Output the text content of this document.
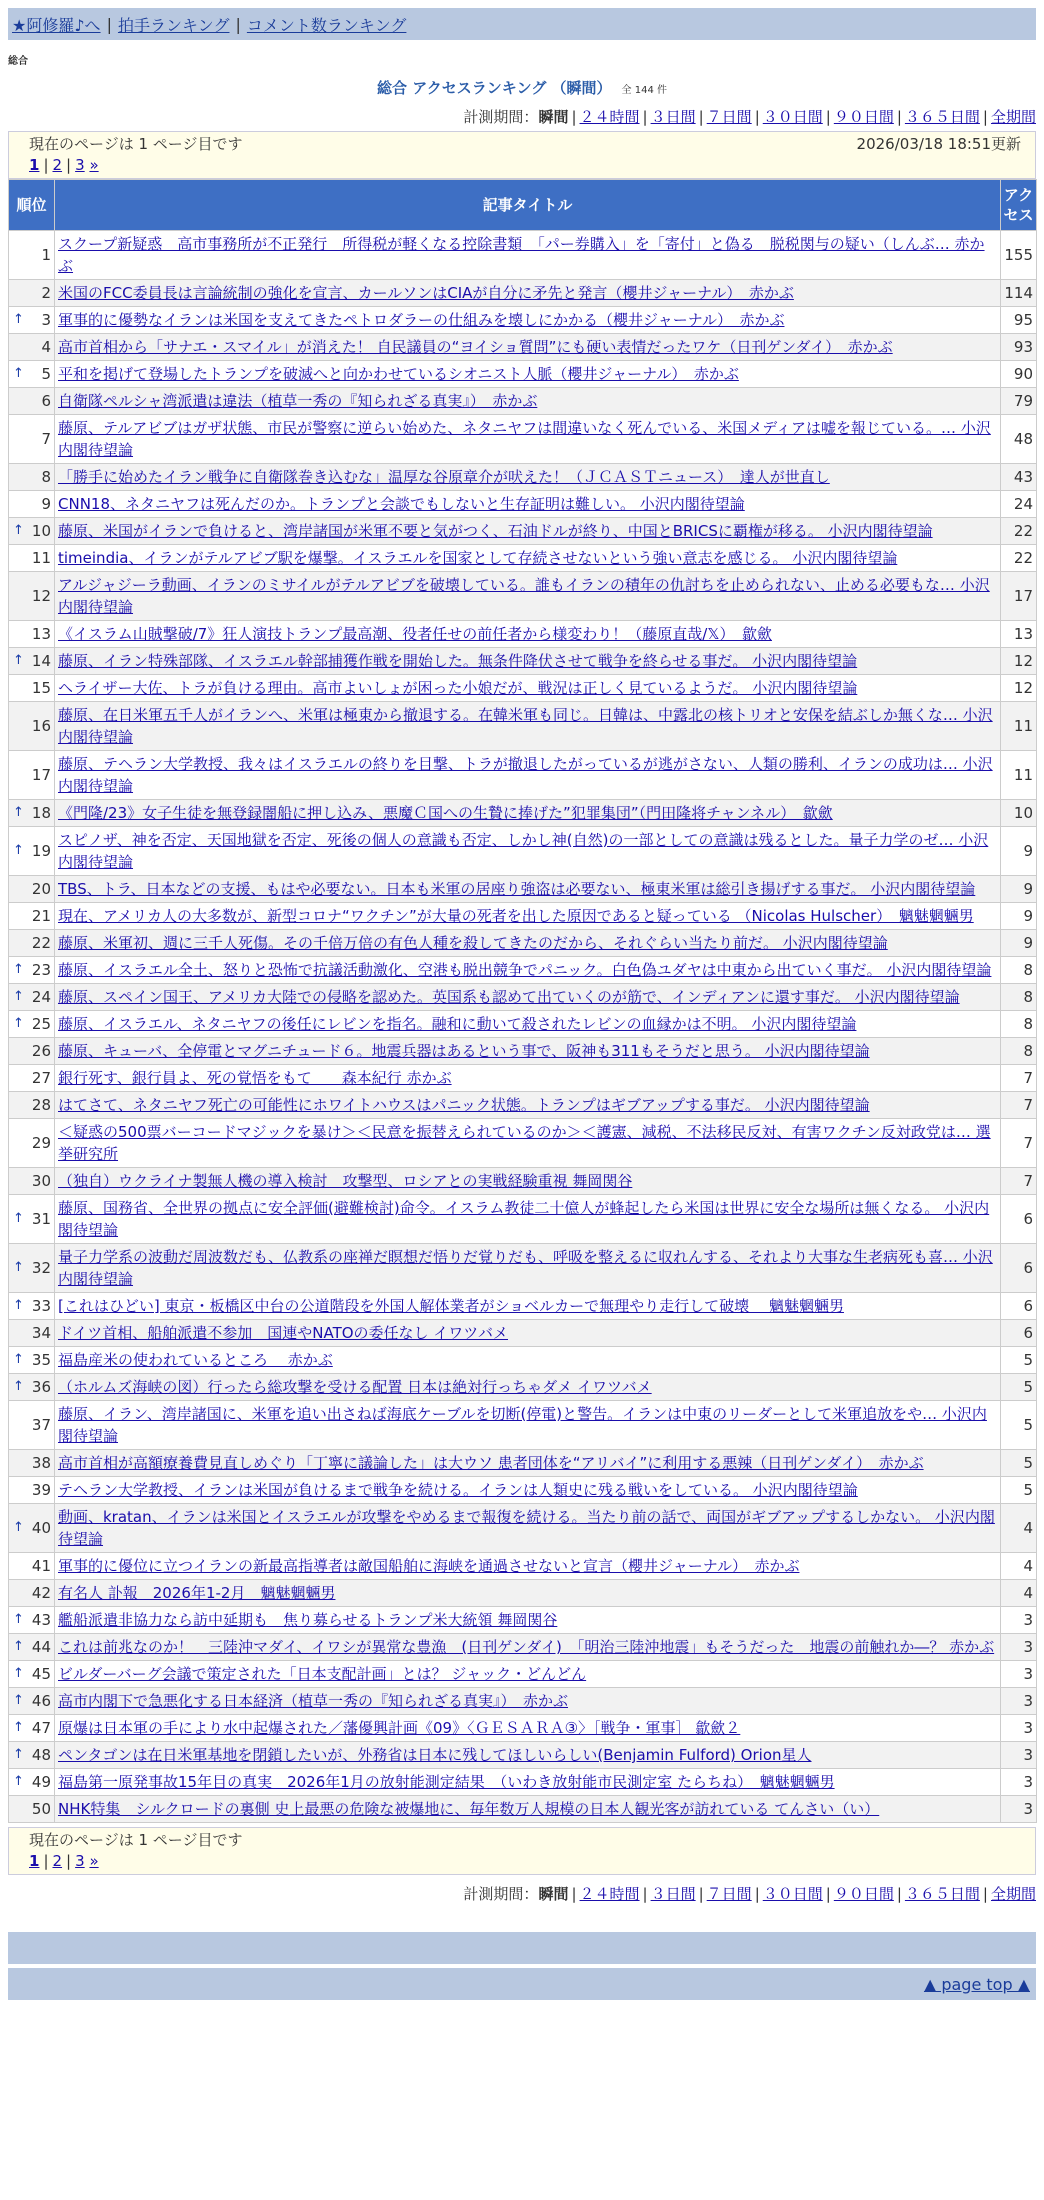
★阿修羅♪へ | 拍手ランキング | コメント数ランキング
総合
総合 アクセスランキング （瞬間） 全 144 件
計測期間：瞬間 | ２４時間 | ３日間 | ７日間 | ３０日間 | ９０日間 | ３６５日間 | 全期間
現在のページは 1 ページ目です	2026/03/18 18:51更新
1 | 2 | 3 »
順位	記事タイトル	アクセス
1	スクープ新疑惑　高市事務所が不正発行　所得税が軽くなる控除書類　「パー券購入」を「寄付」と偽る　脱税関与の疑い（しんぶ… 赤かぶ	155
2	米国のFCC委員長は言論統制の強化を宣言、カールソンはCIAが自分に矛先と発言（櫻井ジャーナル）　赤かぶ	114

↑ 3	軍事的に優勢なイランは米国を支えてきたペトロダラーの仕組みを壊しにかかる（櫻井ジャーナル）　赤かぶ	95
4	高市首相から「サナエ・スマイル」が消えた！ 自民議員の“ヨイショ質問”にも硬い表情だったワケ（日刊ゲンダイ）　赤かぶ	93

↑ 5	平和を掲げて登場したトランプを破滅へと向かわせているシオニスト人脈（櫻井ジャーナル）　赤かぶ	90
6	自衛隊ペルシャ湾派遣は違法（植草一秀の『知られざる真実』）　赤かぶ	79
7	藤原、テルアビブはガザ状態、市民が警察に逆らい始めた、ネタニヤフは間違いなく死んでいる、米国メディアは嘘を報じている。… 小沢内閣待望論	48
8	「勝手に始めたイラン戦争に自衛隊巻き込むな」温厚な谷原章介が吠えた！（ＪＣＡＳＴニュース）　達人が世直し	43
9	CNN18、ネタニヤフは死んだのか。トランプと会談でもしないと生存証明は難しい。 小沢内閣待望論	24

↑ 10	藤原、米国がイランで負けると、湾岸諸国が米軍不要と気がつく、石油ドルが終り、中国とBRICSに覇権が移る。 小沢内閣待望論	22
11	timeindia、イランがテルアビブ駅を爆撃。イスラエルを国家として存続させないという強い意志を感じる。 小沢内閣待望論	22
12	アルジャジーラ動画、イランのミサイルがテルアビブを破壊している。誰もイランの積年の仇討ちを止められない、止める必要もな… 小沢内閣待望論	17
13	《イスラム山賊撃破/7》狂人演技トランプ最高潮、役者任せの前任者から様変わり！（藤原直哉/𝕏）　歙歛	13

↑ 14	藤原、イラン特殊部隊、イスラエル幹部捕獲作戦を開始した。無条件降伏させて戦争を終らせる事だ。 小沢内閣待望論	12
15	ヘライザー大佐、トラが負ける理由。高市よいしょが困った小娘だが、戦況は正しく見ているようだ。 小沢内閣待望論	12
16	藤原、在日米軍五千人がイランへ、米軍は極東から撤退する。在韓米軍も同じ。日韓は、中露北の核トリオと安保を結ぶしか無くな… 小沢内閣待望論	11
17	藤原、テヘラン大学教授、我々はイスラエルの終りを目撃、トラが撤退したがっているが逃がさない、人類の勝利、イランの成功は… 小沢内閣待望論	11

↑ 18	《門隆/23》女子生徒を無登録闇船に押し込み、悪魔Ｃ国への生贄に捧げた”犯罪集団”（門田隆将チャンネル）　歙歛	10

↑ 19	スピノザ、神を否定、天国地獄を否定、死後の個人の意識も否定、しかし神(自然)の一部としての意識は残るとした。量子力学のゼ… 小沢内閣待望論	9
20	TBS、トラ、日本などの支援、もはや必要ない。日本も米軍の居座り強盗は必要ない、極東米軍は総引き揚げする事だ。 小沢内閣待望論	9
21	現在、アメリカ人の大多数が、新型コロナ“ワクチン”が大量の死者を出した原因であると疑っている （Nicolas Hulscher）　魑魅魍魎男	9
22	藤原、米軍初、週に三千人死傷。その千倍万倍の有色人種を殺してきたのだから、それぐらい当たり前だ。 小沢内閣待望論	9

↑ 23	藤原、イスラエル全土、怒りと恐怖で抗議活動激化、空港も脱出競争でパニック。白色偽ユダヤは中東から出ていく事だ。 小沢内閣待望論	8

↑ 24	藤原、スペイン国王、アメリカ大陸での侵略を認めた。英国系も認めて出ていくのが筋で、インディアンに還す事だ。 小沢内閣待望論	8

↑ 25	藤原、イスラエル、ネタニヤフの後任にレビンを指名。融和に動いて殺されたレビンの血縁かは不明。 小沢内閣待望論	8
26	藤原、キューバ、全停電とマグニチュード６。地震兵器はあるという事で、阪神も311もそうだと思う。 小沢内閣待望論	8
27	銀行死す、銀行員よ、死の覚悟をもて　　森本紀行 赤かぶ	7
28	はてさて、ネタニヤフ死亡の可能性にホワイトハウスはパニック状態。トランプはギブアップする事だ。 小沢内閣待望論	7
29	＜疑惑の500票バーコードマジックを暴け＞＜民意を振替えられているのか＞＜護憲、減税、不法移民反対、有害ワクチン反対政党は… 選挙研究所	7
30	（独自）ウクライナ製無人機の導入検討　攻撃型、ロシアとの実戦経験重視 舞岡関谷	7

↑ 31	藤原、国務省、全世界の拠点に安全評価(避難検討)命令。イスラム教徒二十億人が蜂起したら米国は世界に安全な場所は無くなる。 小沢内閣待望論	6

↑ 32	量子力学系の波動だ周波数だも、仏教系の座禅だ瞑想だ悟りだ覚りだも、呼吸を整えるに収れんする、それより大事な生老病死も喜… 小沢内閣待望論	6

↑ 33	[これはひどい] 東京・板橋区中台の公道階段を外国人解体業者がショベルカーで無理やり走行して破壊　 魑魅魍魎男	6
34	ドイツ首相、船舶派遣不参加　国連やNATOの委任なし イワツバメ	6

↑ 35	福島産米の使われているところ　 赤かぶ	5

↑ 36	（ホルムズ海峡の図）行ったら総攻撃を受ける配置 日本は絶対行っちゃダメ イワツバメ	5
37	藤原、イラン、湾岸諸国に、米軍を追い出さねば海底ケーブルを切断(停電)と警告。イランは中東のリーダーとして米軍追放をや… 小沢内閣待望論	5
38	高市首相が高額療養費見直しめぐり「丁寧に議論した」は大ウソ 患者団体を“アリバイ”に利用する悪辣（日刊ゲンダイ）　赤かぶ	5
39	テヘラン大学教授、イランは米国が負けるまで戦争を続ける。イランは人類史に残る戦いをしている。 小沢内閣待望論	5

↑ 40	動画、kratan、イランは米国とイスラエルが攻撃をやめるまで報復を続ける。当たり前の話で、両国がギブアップするしかない。 小沢内閣待望論	4
41	軍事的に優位に立つイランの新最高指導者は敵国船舶に海峡を通過させないと宣言（櫻井ジャーナル）　赤かぶ	4
42	有名人 訃報　2026年1-2月　魑魅魍魎男	4

↑ 43	艦船派遣非協力なら訪中延期も　焦り募らせるトランプ米大統領 舞岡関谷	3

↑ 44	これは前兆なのか！　三陸沖マダイ、イワシが異常な豊漁　(日刊ゲンダイ)　「明治三陸沖地震」もそうだった　地震の前触れか―？ 赤かぶ	3

↑ 45	ビルダーバーグ会議で策定された「日本支配計画」とは？ ジャック・どんどん	3

↑ 46	高市内閣下で急悪化する日本経済（植草一秀の『知られざる真実』）　赤かぶ	3

↑ 47	原爆は日本軍の手により水中起爆された／藩優興計画《09》〈ＧＥＳＡＲＡ③〉［戦争・軍事］ 歙歛２	3

↑ 48	ペンタゴンは在日米軍基地を閉鎖したいが、外務省は日本に残してほしいらしい(Benjamin Fulford) Orion星人	3

↑ 49	福島第一原発事故15年目の真実　2026年1月の放射能測定結果　（いわき放射能市民測定室 たらちね）　魑魅魍魎男	3
50	NHK特集　シルクロードの裏側 史上最悪の危険な被爆地に、毎年数万人規模の日本人観光客が訪れている てんさい（い）	3
現在のページは 1 ページ目です
1 | 2 | 3 »
計測期間：瞬間 | ２４時間 | ３日間 | ７日間 | ３０日間 | ９０日間 | ３６５日間 | 全期間
▲ page top ▲
